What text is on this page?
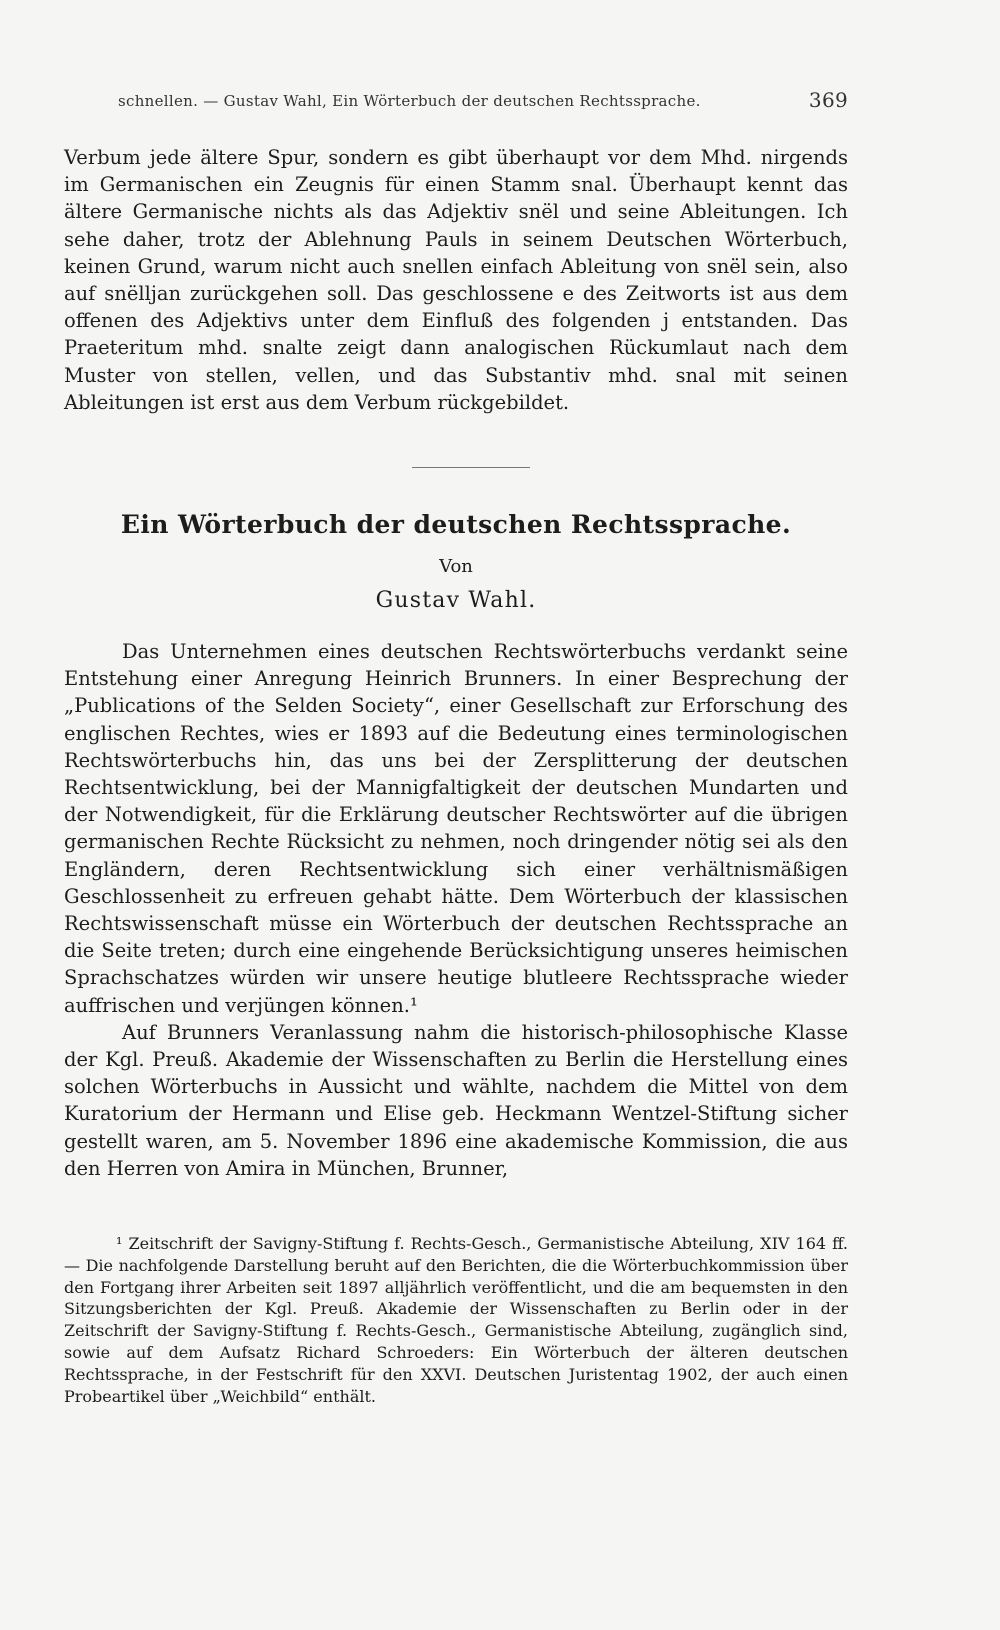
schnellen. — Gustav Wahl, Ein Wörterbuch der deutschen Rechtssprache.	369

Verbum jede ältere Spur, sondern es gibt überhaupt vor dem Mhd. nirgends im Germanischen ein Zeugnis für einen Stamm snal. Überhaupt kennt das ältere Germanische nichts als das Adjektiv snël und seine Ableitungen. Ich sehe daher, trotz der Ablehnung Pauls in seinem Deutschen Wörterbuch, keinen Grund, warum nicht auch snellen einfach Ableitung von snël sein, also auf snëlljan zurückgehen soll. Das geschlossene e des Zeitworts ist aus dem offenen des Adjektivs unter dem Einfluß des folgenden j entstanden. Das Praeteritum mhd. snalte zeigt dann analogischen Rückumlaut nach dem Muster von stellen, vellen, und das Substantiv mhd. snal mit seinen Ableitungen ist erst aus dem Verbum rückgebildet.

Ein Wörterbuch der deutschen Rechtssprache.
Von
Gustav Wahl.

Das Unternehmen eines deutschen Rechtswörterbuchs verdankt seine Entstehung einer Anregung Heinrich Brunners. In einer Besprechung der „Publications of the Selden Society“, einer Gesellschaft zur Erforschung des englischen Rechtes, wies er 1893 auf die Bedeutung eines terminologischen Rechtswörterbuchs hin, das uns bei der Zersplitterung der deutschen Rechtsentwicklung, bei der Mannigfaltigkeit der deutschen Mundarten und der Notwendigkeit, für die Erklärung deutscher Rechtswörter auf die übrigen germanischen Rechte Rücksicht zu nehmen, noch dringender nötig sei als den Engländern, deren Rechtsentwicklung sich einer verhältnismäßigen Geschlossenheit zu erfreuen gehabt hätte. Dem Wörterbuch der klassischen Rechtswissenschaft müsse ein Wörterbuch der deutschen Rechtssprache an die Seite treten; durch eine eingehende Berücksichtigung unseres heimischen Sprachschatzes würden wir unsere heutige blutleere Rechtssprache wieder auffrischen und verjüngen können.¹

Auf Brunners Veranlassung nahm die historisch-philosophische Klasse der Kgl. Preuß. Akademie der Wissenschaften zu Berlin die Herstellung eines solchen Wörterbuchs in Aussicht und wählte, nachdem die Mittel von dem Kuratorium der Hermann und Elise geb. Heckmann Wentzel-Stiftung sicher gestellt waren, am 5. November 1896 eine akademische Kommission, die aus den Herren von Amira in München, Brunner,

¹ Zeitschrift der Savigny-Stiftung f. Rechts-Gesch., Germanistische Abteilung, XIV 164 ff. — Die nachfolgende Darstellung beruht auf den Berichten, die die Wörterbuchkommission über den Fortgang ihrer Arbeiten seit 1897 alljährlich veröffentlicht, und die am bequemsten in den Sitzungsberichten der Kgl. Preuß. Akademie der Wissenschaften zu Berlin oder in der Zeitschrift der Savigny-Stiftung f. Rechts-Gesch., Germanistische Abteilung, zugänglich sind, sowie auf dem Aufsatz Richard Schroeders: Ein Wörterbuch der älteren deutschen Rechtssprache, in der Festschrift für den XXVI. Deutschen Juristentag 1902, der auch einen Probeartikel über „Weichbild“ enthält.
